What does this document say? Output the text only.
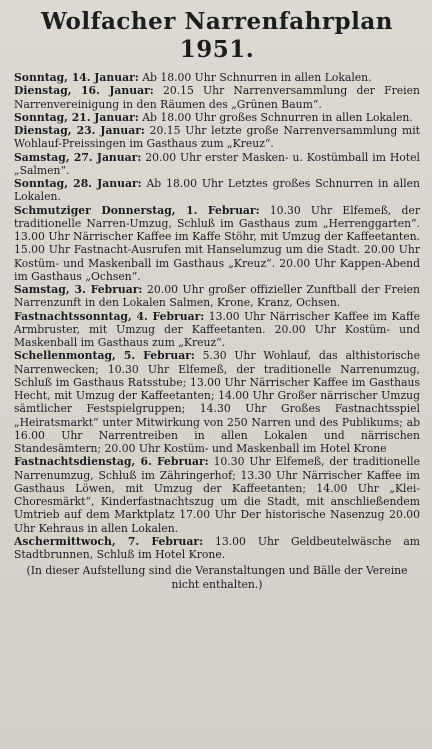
Wolfacher Narrenfahrplan 1951.
Sonntag, 14. Januar: Ab 18.00 Uhr Schnurren in allen Lokalen.
Dienstag, 16. Januar: 20.15 Uhr Narrenversammlung der Freien Narrenvereinigung in den Räumen des „Grünen Baum“.
Sonntag, 21. Januar: Ab 18.00 Uhr großes Schnurren in allen Lokalen.
Dienstag, 23. Januar: 20.15 Uhr letzte große Narrenversammlung mit Wohlauf-Preissingen im Gasthaus zum „Kreuz“.
Samstag, 27. Januar: 20.00 Uhr erster Masken- u. Kostümball im Hotel „Salmen“.
Sonntag, 28. Januar: Ab 18.00 Uhr Letztes großes Schnurren in allen Lokalen.
Schmutziger Donnerstag, 1. Februar: 10.30 Uhr Elfemeß, der traditionelle Narren-Umzug, Schluß im Gasthaus zum „Herrenggarten“. 13.00 Uhr Närrischer Kaffee im Kaffe Stöhr, mit Umzug der Kaffeetanten. 15.00 Uhr Fastnacht-Ausrufen mit Hanselumzug um die Stadt. 20.00 Uhr Kostüm- und Maskenball im Gasthaus „Kreuz“. 20.00 Uhr Kappen-Abend im Gasthaus „Ochsen“.
Samstag, 3. Februar: 20.00 Uhr großer offizieller Zunftball der Freien Narrenzunft in den Lokalen Salmen, Krone, Kranz, Ochsen.
Fastnachtssonntag, 4. Februar: 13.00 Uhr Närrischer Kaffee im Kaffe Armbruster, mit Umzug der Kaffeetanten. 20.00 Uhr Kostüm- und Maskenball im Gasthaus zum „Kreuz“.
Schellenmontag, 5. Februar: 5.30 Uhr Wohlauf, das althistorische Narrenwecken; 10.30 Uhr Elfemeß, der traditionelle Narrenumzug, Schluß im Gasthaus Ratsstube; 13.00 Uhr Närrischer Kaffee im Gasthaus Hecht, mit Umzug der Kaffeetanten; 14.00 Uhr Großer närrischer Umzug sämtlicher Festspielgruppen; 14.30 Uhr Großes Fastnachtsspiel „Heiratsmarkt“ unter Mitwirkung von 250 Narren und des Publikums; ab 16.00 Uhr Narrentreiben in allen Lokalen und närrischen Standesämtern; 20.00 Uhr Kostüm- und Maskenball im Hotel Krone
Fastnachtsdienstag, 6. Februar: 10.30 Uhr Elfemeß, der traditionelle Narrenumzug, Schluß im Zähringerhof; 13.30 Uhr Närrischer Kaffee im Gasthaus Löwen, mit Umzug der Kaffeetanten; 14.00 Uhr „Klei-Choresmärkt“, Kinderfastnachtszug um die Stadt, mit anschließendem Umtrieb auf dem Marktplatz 17.00 Uhr Der historische Nasenzug 20.00 Uhr Kehraus in allen Lokalen.
Aschermittwoch, 7. Februar: 13.00 Uhr Geldbeutelwäsche am Stadtbrunnen, Schluß im Hotel Krone.
(In dieser Aufstellung sind die Veranstaltungen und Bälle der Vereine nicht enthalten.)
